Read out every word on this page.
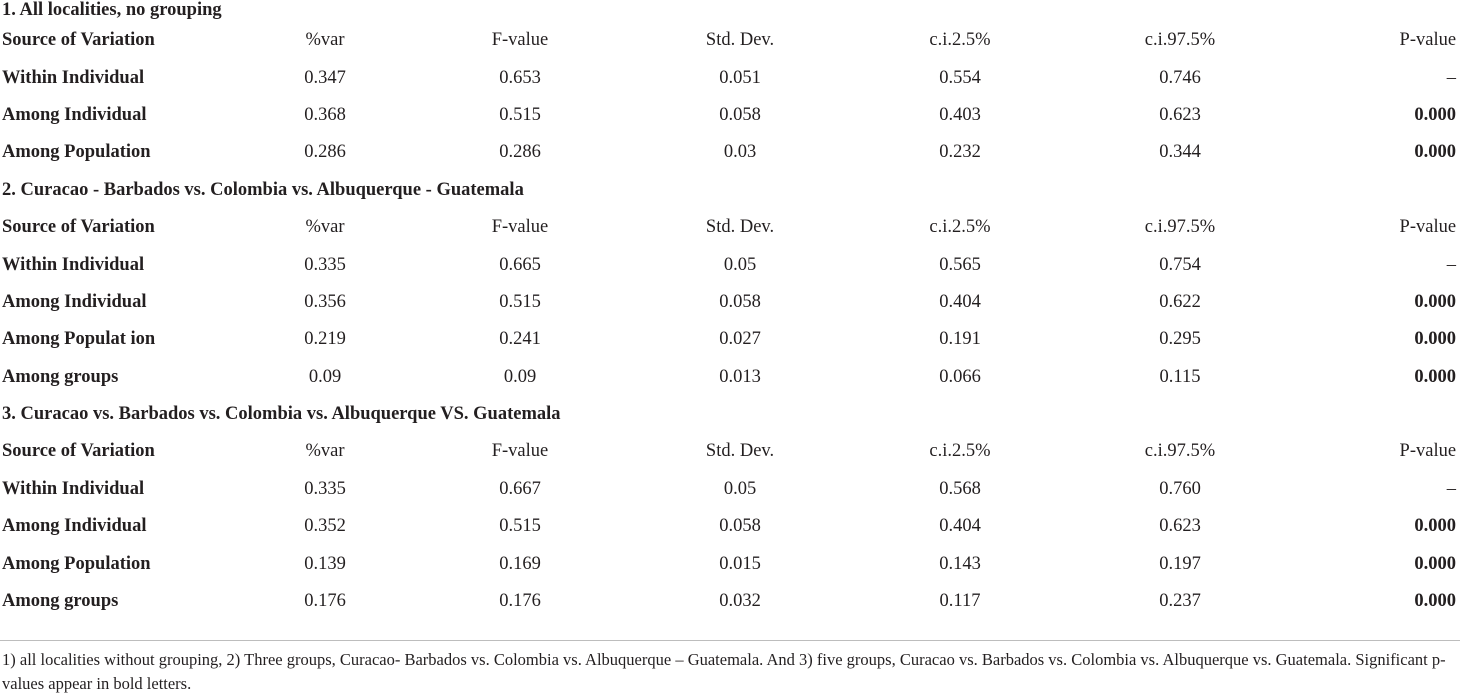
1. All localities, no grouping						
Source of Variation	%var	F-value	Std. Dev.	c.i.2.5%	c.i.97.5%	P-value
Within Individual	0.347	0.653	0.051	0.554	0.746	–
Among Individual	0.368	0.515	0.058	0.403	0.623	0.000
Among Population	0.286	0.286	0.03	0.232	0.344	0.000
2. Curacao - Barbados vs. Colombia vs. Albuquerque - Guatemala						
Source of Variation	%var	F-value	Std. Dev.	c.i.2.5%	c.i.97.5%	P-value
Within Individual	0.335	0.665	0.05	0.565	0.754	–
Among Individual	0.356	0.515	0.058	0.404	0.622	0.000
Among Populat ion	0.219	0.241	0.027	0.191	0.295	0.000
Among groups	0.09	0.09	0.013	0.066	0.115	0.000
3. Curacao vs. Barbados vs. Colombia vs. Albuquerque VS. Guatemala						
Source of Variation	%var	F-value	Std. Dev.	c.i.2.5%	c.i.97.5%	P-value
Within Individual	0.335	0.667	0.05	0.568	0.760	–
Among Individual	0.352	0.515	0.058	0.404	0.623	0.000
Among Population	0.139	0.169	0.015	0.143	0.197	0.000
Among groups	0.176	0.176	0.032	0.117	0.237	0.000
1) all localities without grouping, 2) Three groups, Curacao- Barbados vs. Colombia vs. Albuquerque – Guatemala. And 3) five groups, Curacao vs. Barbados vs. Colombia vs. Albuquerque vs. Guatemala. Significant p-values appear in bold letters.
